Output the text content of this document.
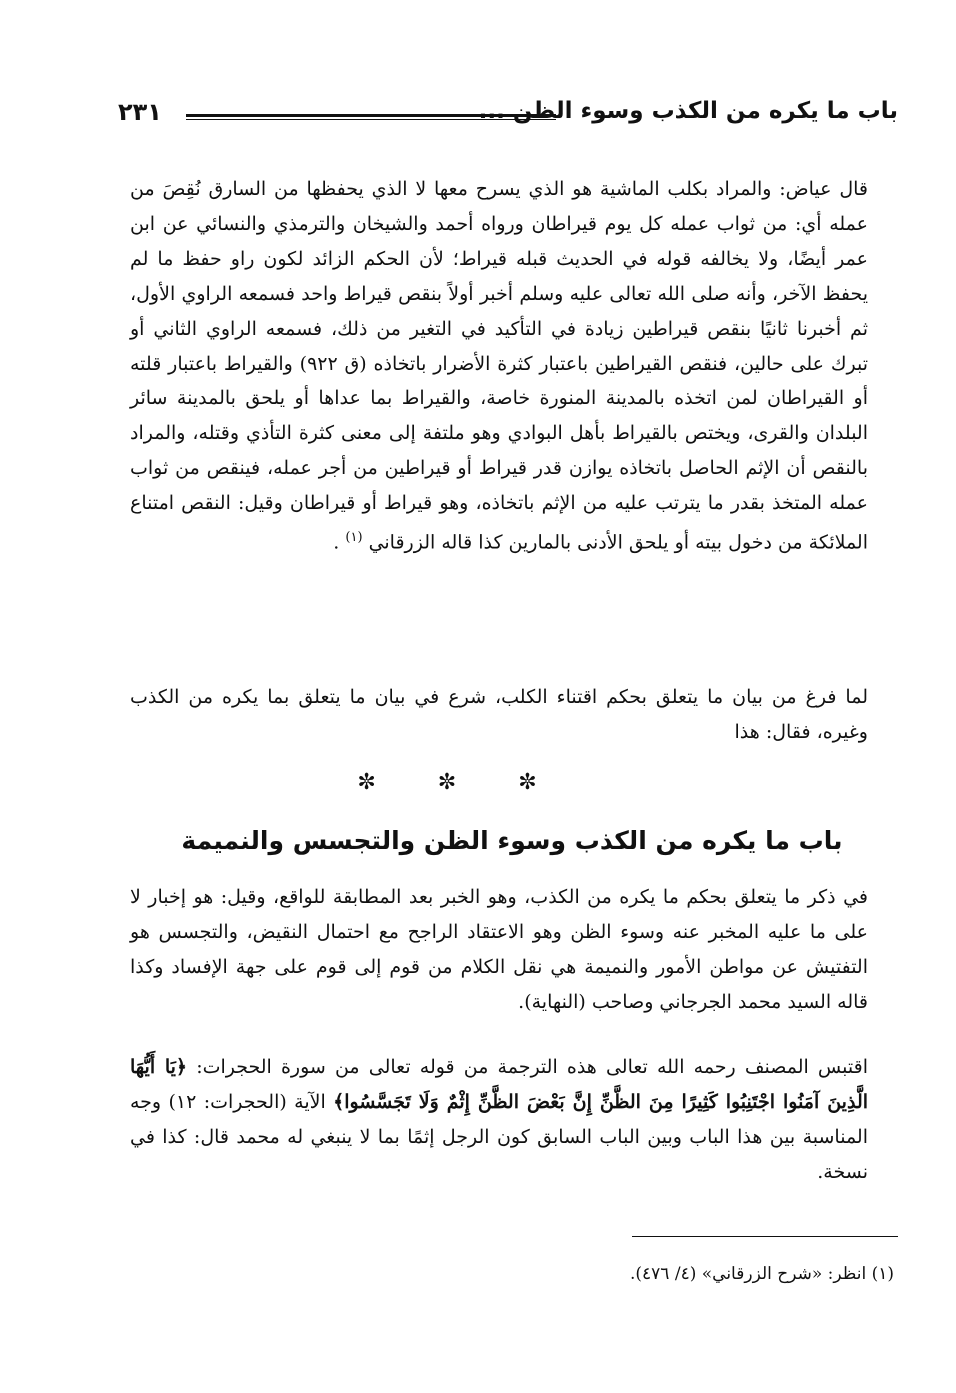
باب ما يكره من الكذب وسوء الظن ...
٢٣١
قال عياض: والمراد بكلب الماشية هو الذي يسرح معها لا الذي يحفظها من السارق نُقِصَ من عمله أي: من ثواب عمله كل يوم قيراطان ورواه أحمد والشيخان والترمذي والنسائي عن ابن عمر أيضًا، ولا يخالفه قوله في الحديث قبله قيراط؛ لأن الحكم الزائد لكون راو حفظ ما لم يحفظ الآخر، وأنه صلى الله تعالى عليه وسلم أخبر أولاً بنقص قيراط واحد فسمعه الراوي الأول، ثم أخبرنا ثانيًا بنقص قيراطين زيادة في التأكيد في التغير من ذلك، فسمعه الراوي الثاني أو تبرك على حالين، فنقص القيراطين باعتبار كثرة الأضرار باتخاذه (ق ٩٢٢) والقيراط باعتبار قلته أو القيراطان لمن اتخذه بالمدينة المنورة خاصة، والقيراط بما عداها أو يلحق بالمدينة سائر البلدان والقرى، ويختص بالقيراط بأهل البوادي وهو ملتفة إلى معنى كثرة التأذي وقتله، والمراد بالنقص أن الإثم الحاصل باتخاذه يوازن قدر قيراط أو قيراطين من أجر عمله، فينقص من ثواب عمله المتخذ بقدر ما يترتب عليه من الإثم باتخاذه، وهو قيراط أو قيراطان وقيل: النقص امتناع الملائكة من دخول بيته أو يلحق الأدنى بالمارين كذا قاله الزرقاني $^{(١)}$ .
لما فرغ من بيان ما يتعلق بحكم اقتناء الكلب، شرع في بيان ما يتعلق بما يكره من الكذب وغيره، فقال: هذا
✼✼✼
باب ما يكره من الكذب وسوء الظن والتجسس والنميمة
في ذكر ما يتعلق بحكم ما يكره من الكذب، وهو الخبر بعد المطابقة للواقع، وقيل: هو إخبار لا على ما عليه المخبر عنه وسوء الظن وهو الاعتقاد الراجح مع احتمال النقيض، والتجسس هو التفتيش عن مواطن الأمور والنميمة هي نقل الكلام من قوم إلى قوم على جهة الإفساد وكذا قاله السيد محمد الجرجاني وصاحب (النهاية).
اقتبس المصنف رحمه الله تعالى هذه الترجمة من قوله تعالى من سورة الحجرات: ﴿يَا أَيُّهَا الَّذِينَ آمَنُوا اجْتَنِبُوا كَثِيرًا مِنَ الظَّنِّ إِنَّ بَعْضَ الظَّنِّ إِثْمٌ وَلَا تَجَسَّسُوا﴾ الآية (الحجرات: ١٢) وجه المناسبة بين هذا الباب وبين الباب السابق كون الرجل إثمًا بما لا ينبغي له محمد قال: كذا في نسخة.
(١) انظر: «شرح الزرقاني» (٤/ ٤٧٦).
